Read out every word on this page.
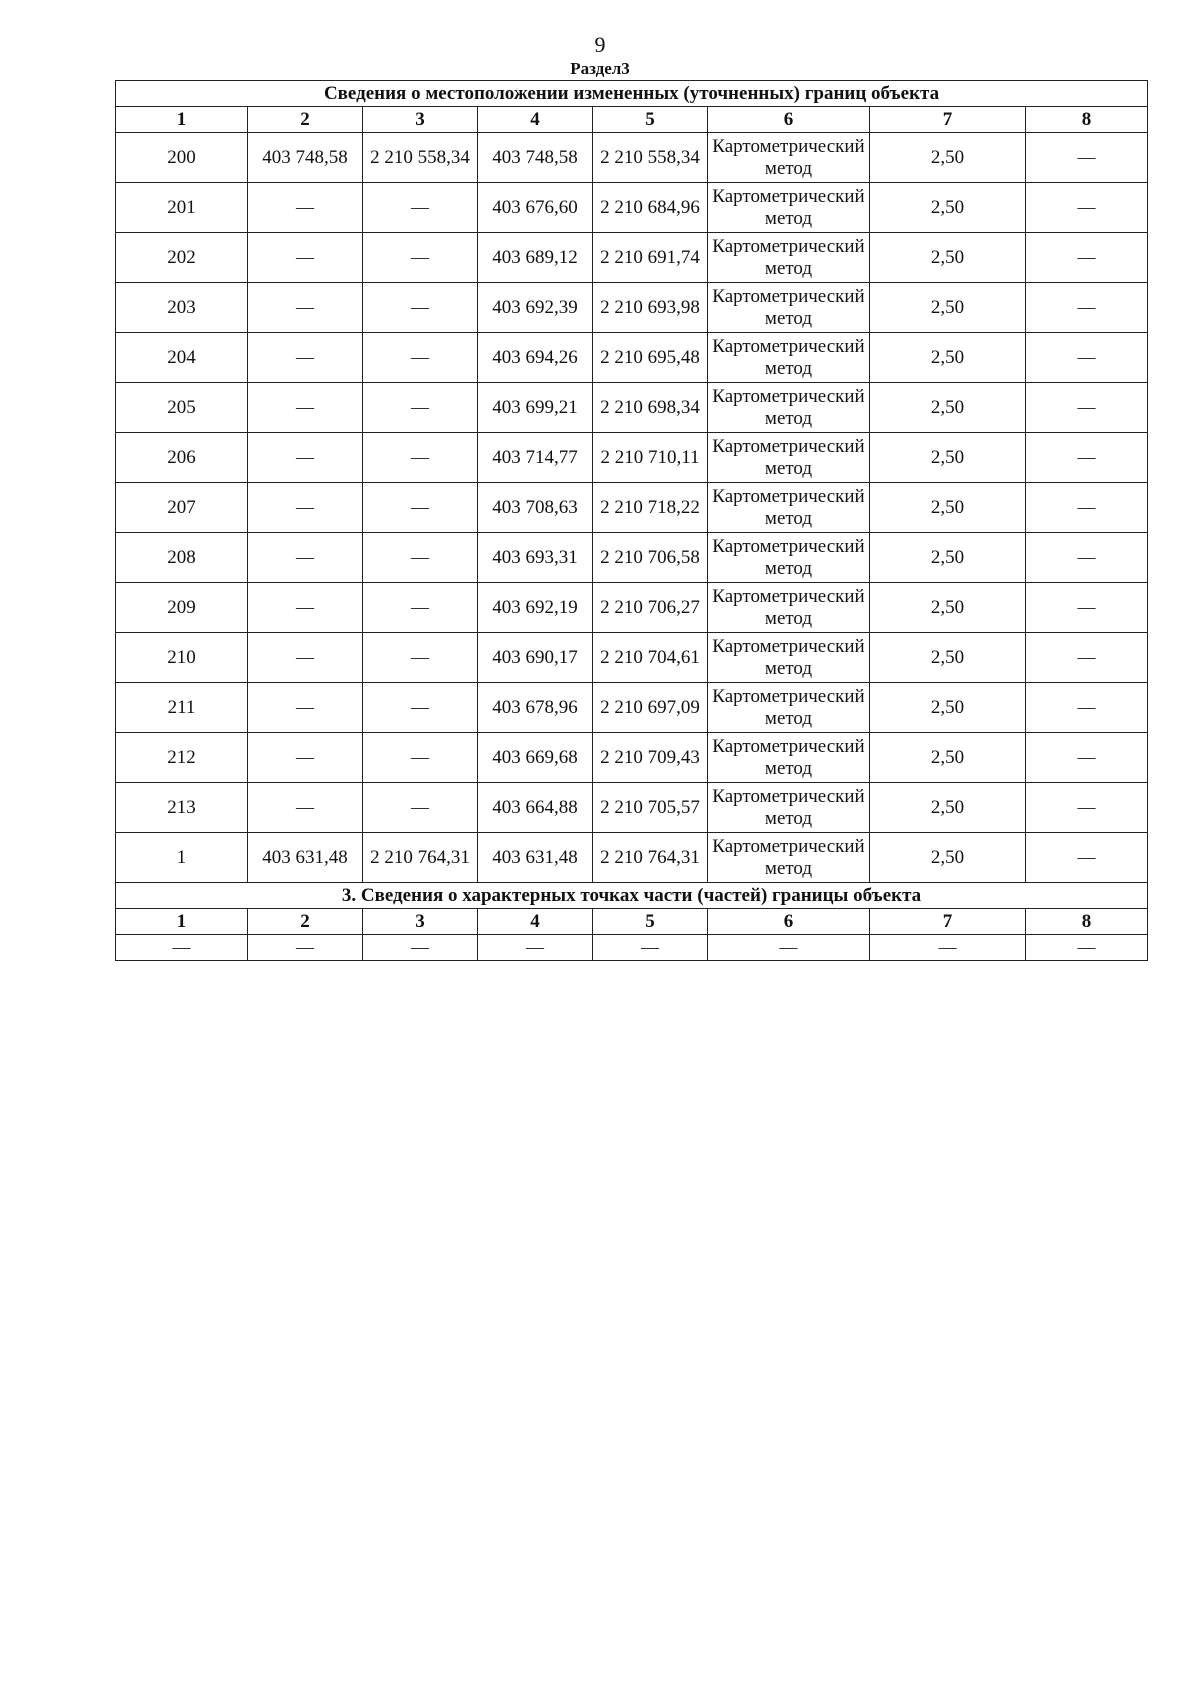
9
Раздел3
Сведения о местоположении измененных (уточненных) границ объекта							
1	2	3	4	5	6	7	8
200	403 748,58	2 210 558,34	403 748,58	2 210 558,34	Картометрический метод	2,50	—
201	—	—	403 676,60	2 210 684,96	Картометрический метод	2,50	—
202	—	—	403 689,12	2 210 691,74	Картометрический метод	2,50	—
203	—	—	403 692,39	2 210 693,98	Картометрический метод	2,50	—
204	—	—	403 694,26	2 210 695,48	Картометрический метод	2,50	—
205	—	—	403 699,21	2 210 698,34	Картометрический метод	2,50	—
206	—	—	403 714,77	2 210 710,11	Картометрический метод	2,50	—
207	—	—	403 708,63	2 210 718,22	Картометрический метод	2,50	—
208	—	—	403 693,31	2 210 706,58	Картометрический метод	2,50	—
209	—	—	403 692,19	2 210 706,27	Картометрический метод	2,50	—
210	—	—	403 690,17	2 210 704,61	Картометрический метод	2,50	—
211	—	—	403 678,96	2 210 697,09	Картометрический метод	2,50	—
212	—	—	403 669,68	2 210 709,43	Картометрический метод	2,50	—
213	—	—	403 664,88	2 210 705,57	Картометрический метод	2,50	—
1	403 631,48	2 210 764,31	403 631,48	2 210 764,31	Картометрический метод	2,50	—
3. Сведения о характерных точках части (частей) границы объекта							
1	2	3	4	5	6	7	8
—	—	—	—	—	—	—	—
